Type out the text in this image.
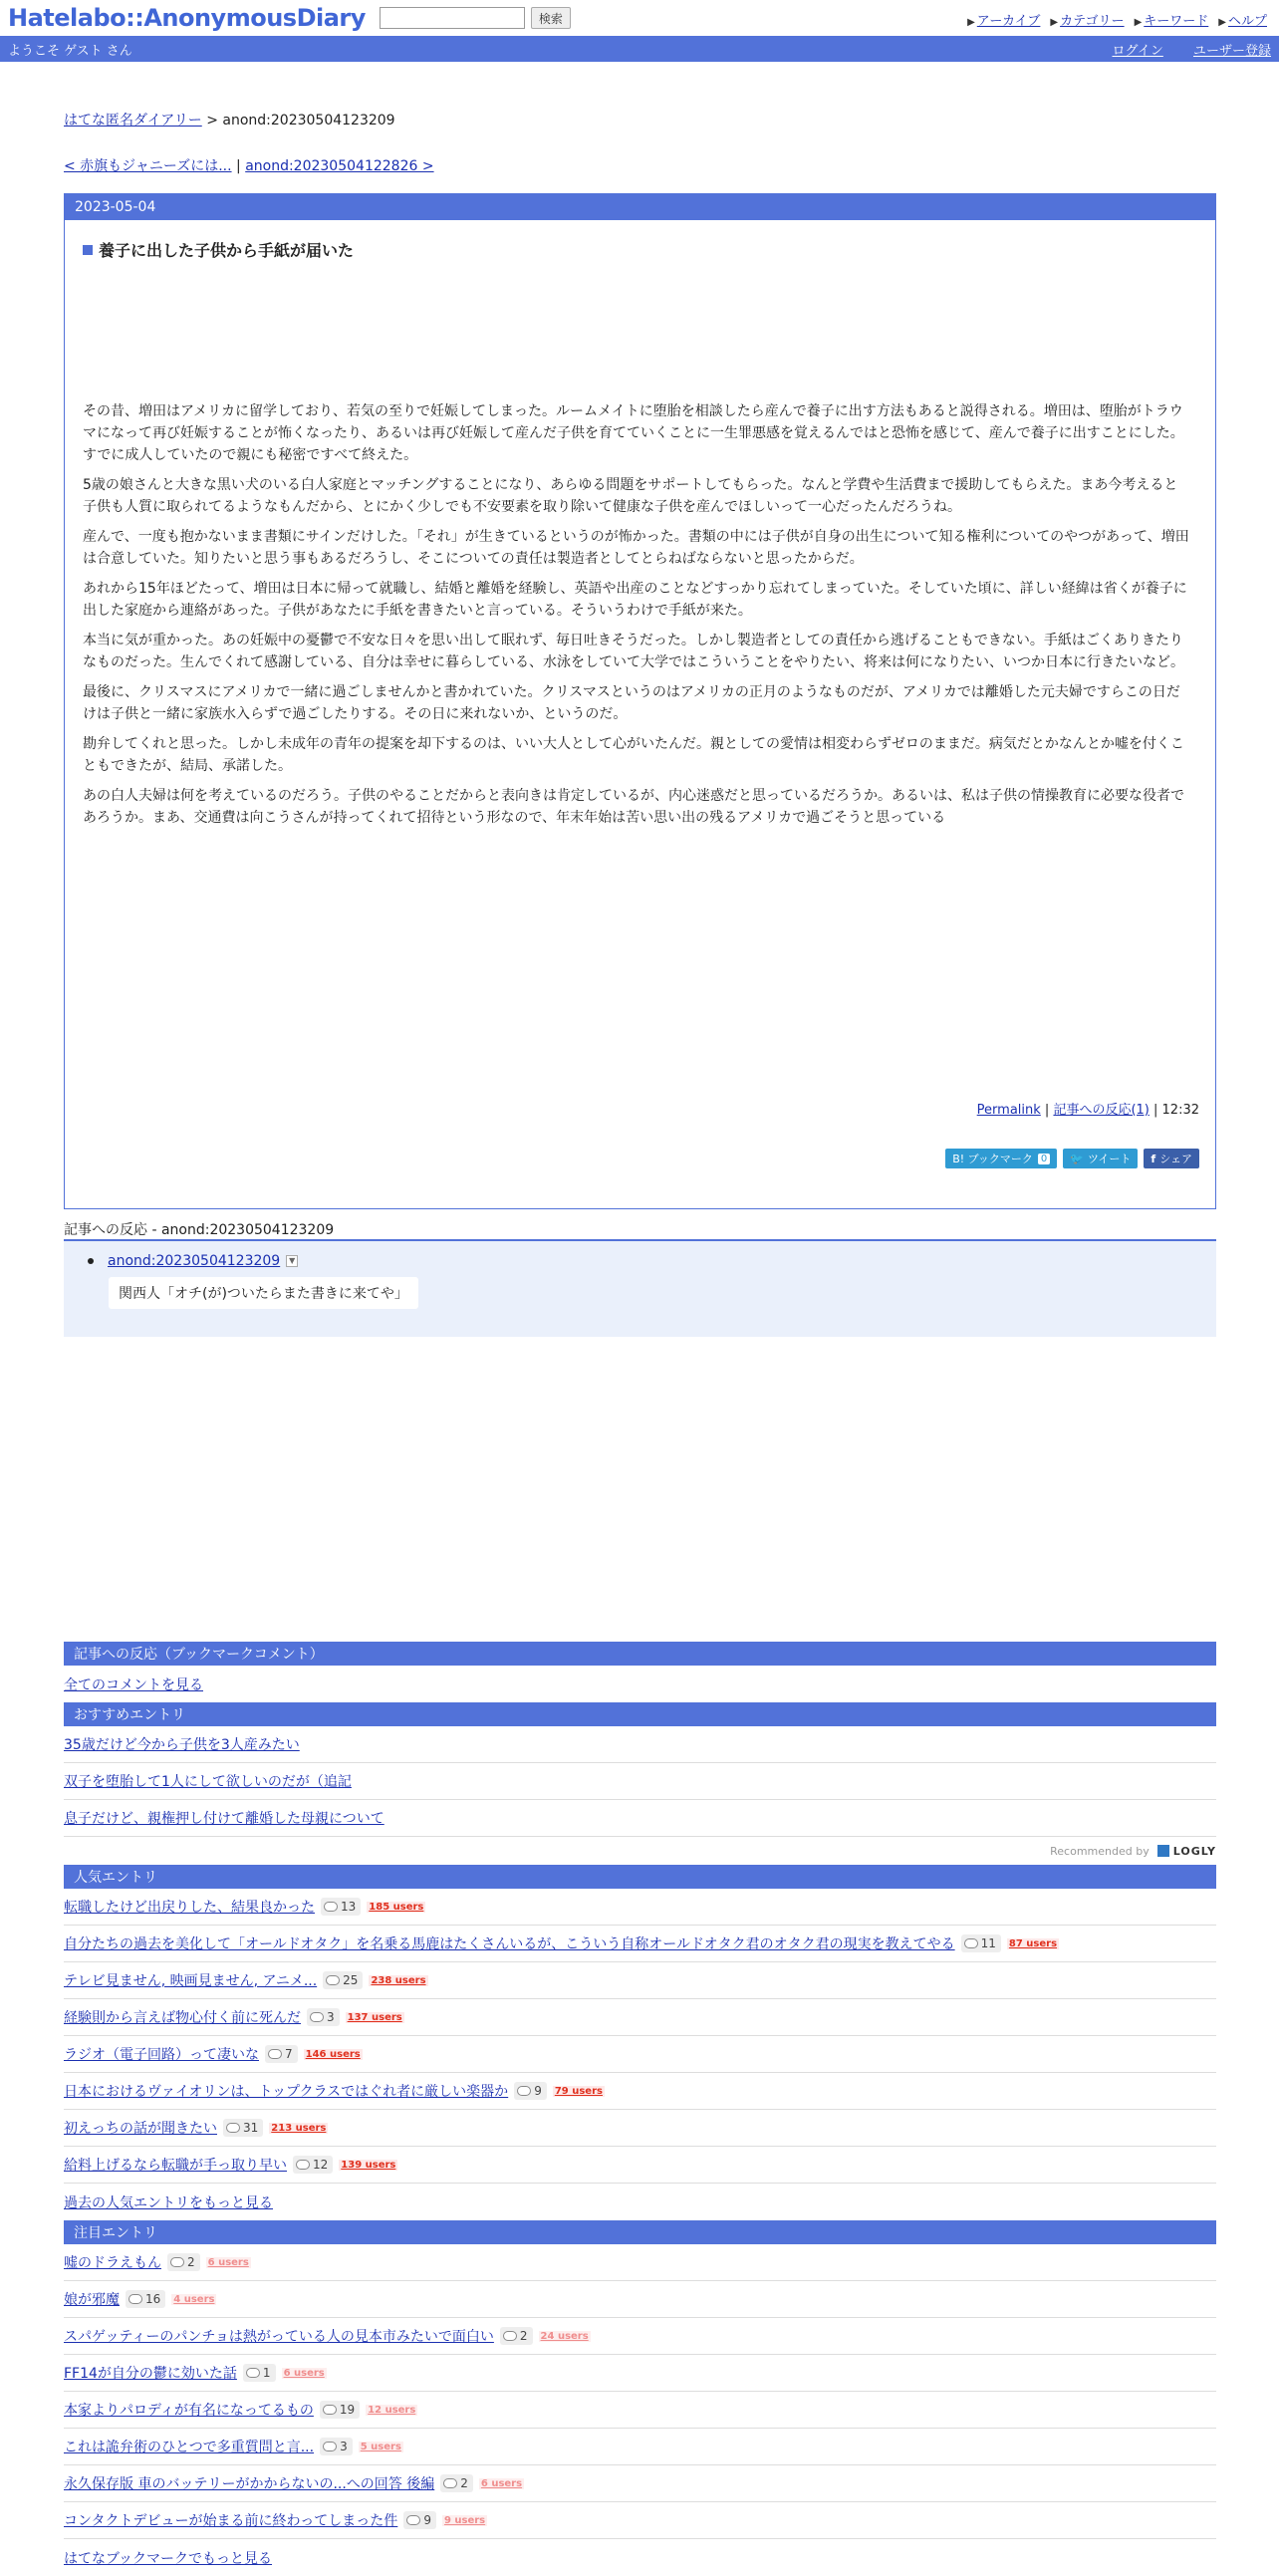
Hatelabo::AnonymousDiary	検索	▶ アーカイブ ▶ カテゴリー ▶ キーワード ▶ ヘルプ
ようこそ ゲスト さん	ログイン ユーザー登録
はてな匿名ダイアリー > anond:20230504123209
< 赤旗もジャニーズには... | anond:20230504122826 >
2023-05-04
養子に出した子供から手紙が届いた

その昔、増田はアメリカに留学しており、若気の至りで妊娠してしまった。ルームメイトに堕胎を相談したら産んで養子に出す方法もあると説得される。増田は、堕胎がトラウマになって再び妊娠することが怖くなったり、あるいは再び妊娠して産んだ子供を育てていくことに一生罪悪感を覚えるんではと恐怖を感じて、産んで養子に出すことにした。すでに成人していたので親にも秘密ですべて終えた。

5歳の娘さんと大きな黒い犬のいる白人家庭とマッチングすることになり、あらゆる問題をサポートしてもらった。なんと学費や生活費まで援助してもらえた。まあ今考えると子供も人質に取られてるようなもんだから、とにかく少しでも不安要素を取り除いて健康な子供を産んでほしいって一心だったんだろうね。

産んで、一度も抱かないまま書類にサインだけした。「それ」が生きているというのが怖かった。書類の中には子供が自身の出生について知る権利についてのやつがあって、増田は合意していた。知りたいと思う事もあるだろうし、そこについての責任は製造者としてとらねばならないと思ったからだ。

あれから15年ほどたって、増田は日本に帰って就職し、結婚と離婚を経験し、英語や出産のことなどすっかり忘れてしまっていた。そしていた頃に、詳しい経緯は省くが養子に出した家庭から連絡があった。子供があなたに手紙を書きたいと言っている。そういうわけで手紙が来た。

本当に気が重かった。あの妊娠中の憂鬱で不安な日々を思い出して眠れず、毎日吐きそうだった。しかし製造者としての責任から逃げることもできない。手紙はごくありきたりなものだった。生んでくれて感謝している、自分は幸せに暮らしている、水泳をしていて大学ではこういうことをやりたい、将来は何になりたい、いつか日本に行きたいなど。

最後に、クリスマスにアメリカで一緒に過ごしませんかと書かれていた。クリスマスというのはアメリカの正月のようなものだが、アメリカでは離婚した元夫婦ですらこの日だけは子供と一緒に家族水入らずで過ごしたりする。その日に来れないか、というのだ。

勘弁してくれと思った。しかし未成年の青年の提案を却下するのは、いい大人として心がいたんだ。親としての愛情は相変わらずゼロのままだ。病気だとかなんとか嘘を付くこともできたが、結局、承諾した。

あの白人夫婦は何を考えているのだろう。子供のやることだからと表向きは肯定しているが、内心迷惑だと思っているだろうか。あるいは、私は子供の情操教育に必要な役者であろうか。まあ、交通費は向こうさんが持ってくれて招待という形なので、年末年始は苦い思い出の残るアメリカで過ごそうと思っている

Permalink | 記事への反応(1) | 12:32
B! ブックマーク 0 🐦 ツイート f シェア
記事への反応 - anond:20230504123209
anond:20230504123209	▼
関西人「オチ(が)ついたらまた書きに来てや」
記事への反応（ブックマークコメント）
全てのコメントを見る
おすすめエントリ
35歳だけど今から子供を3人産みたい
双子を堕胎して1人にして欲しいのだが（追記
息子だけど、親権押し付けて離婚した母親について
Recommended by LOGLY
人気エントリ
転職したけど出戻りした、結果良かった 13 185 users
自分たちの過去を美化して「オールドオタク」を名乗る馬鹿はたくさんいるが、こういう自称オールドオタク君のオタク君の現実を教えてやる 11 87 users
テレビ見ません, 映画見ません, アニメ... 25 238 users
経験則から言えば物心付く前に死んだ 3 137 users
ラジオ（電子回路）って凄いな 7 146 users
日本におけるヴァイオリンは、トップクラスではぐれ者に厳しい楽器か 9 79 users
初えっちの話が聞きたい 31 213 users
給料上げるなら転職が手っ取り早い 12 139 users
過去の人気エントリをもっと見る
注目エントリ
嘘のドラえもん 2 6 users
娘が邪魔 16 4 users
スパゲッティーのパンチョは熱がっている人の見本市みたいで面白い 2 24 users
FF14が自分の鬱に効いた話 1 6 users
本家よりパロディが有名になってるもの 19 12 users
これは詭弁術のひとつで多重質問と言... 3 5 users
永久保存版 車のバッテリーがかからないの...への回答 後編 2 6 users
コンタクトデビューが始まる前に終わってしまった件 9 9 users
はてなブックマークでもっと見る
